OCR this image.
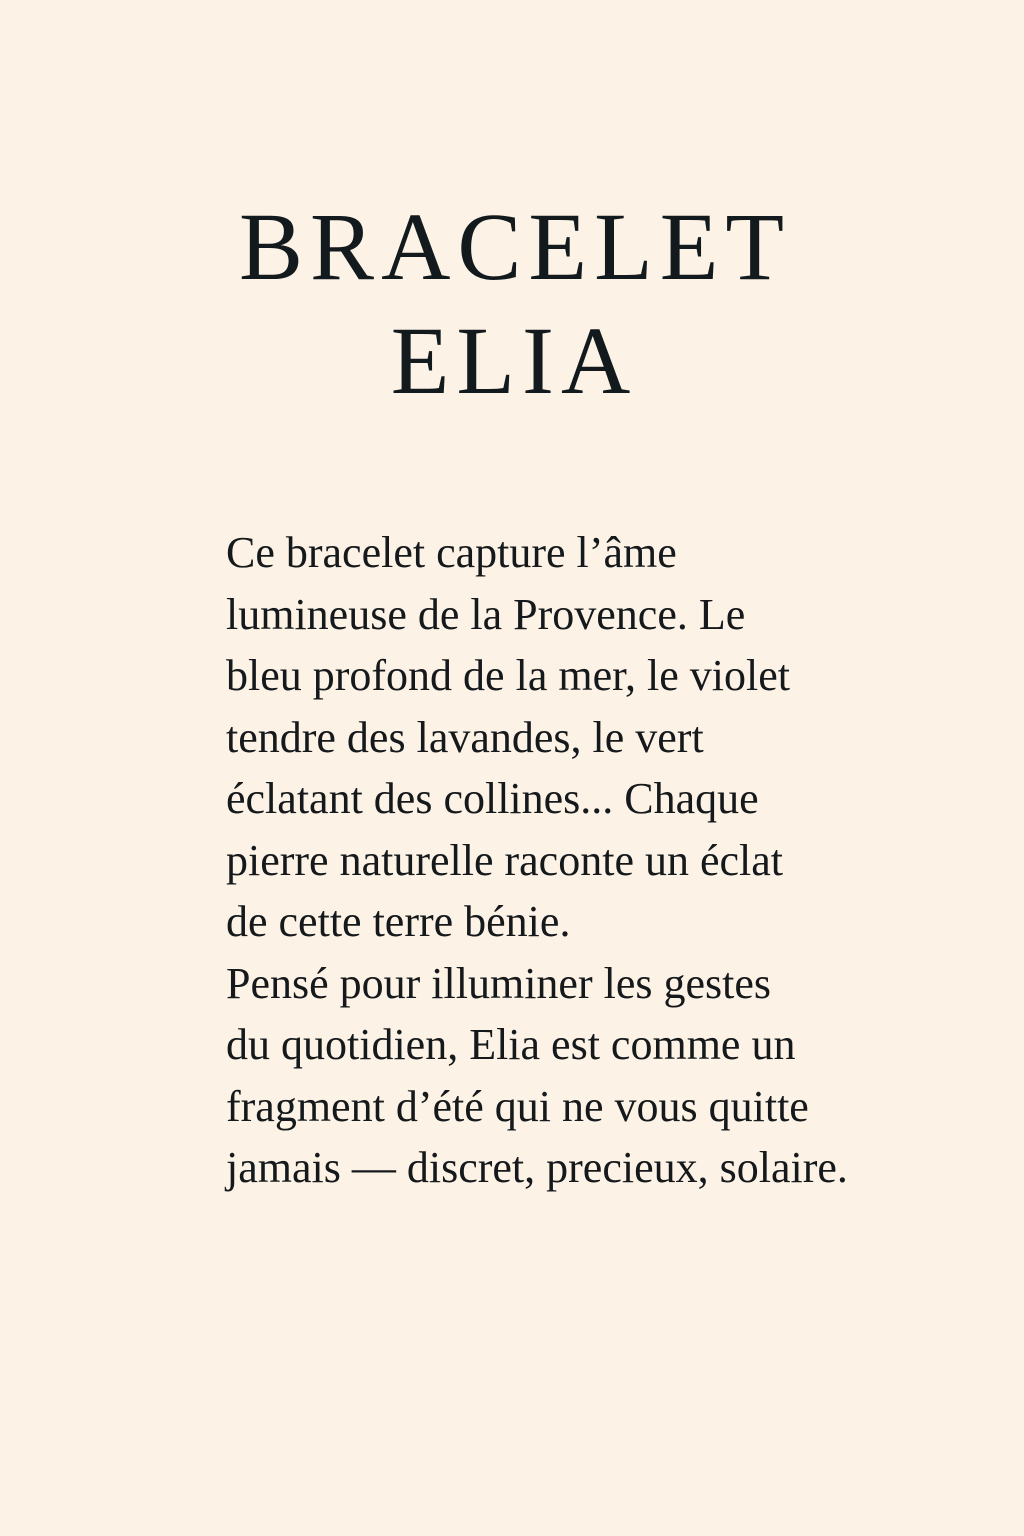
BRACELET
ELIA

Ce bracelet capture l’âme
lumineuse de la Provence. Le
bleu profond de la mer, le violet
tendre des lavandes, le vert
éclatant des collines... Chaque
pierre naturelle raconte un éclat
de cette terre bénie.
Pensé pour illuminer les gestes
du quotidien, Elia est comme un
fragment d’été qui ne vous quitte
jamais — discret, precieux, solaire.
